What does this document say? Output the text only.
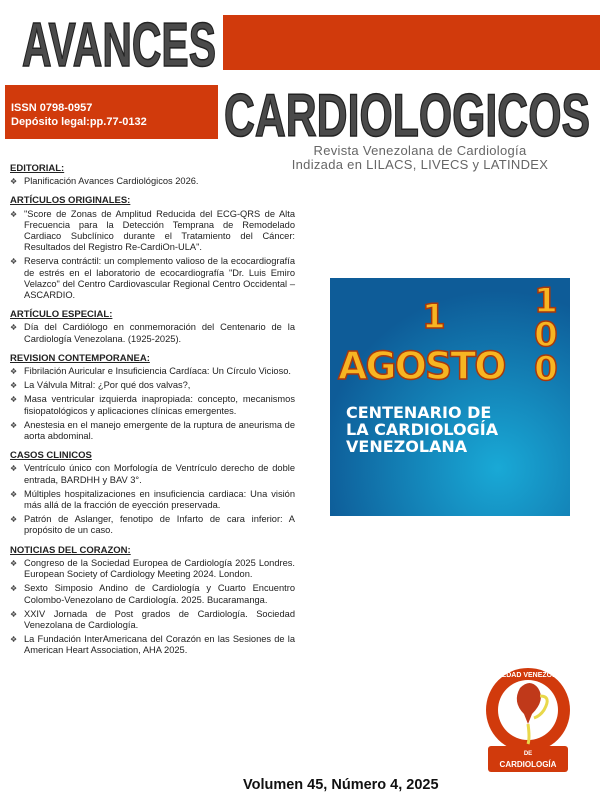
AVANCES
ISSN 0798-0957
Depósito legal:pp.77-0132	CARDIOLOGICOS
Revista Venezolana de Cardiología
Indizada en LILACS, LIVECS y LATINDEX
EDITORIAL:
❖ Planificación Avances Cardiológicos 2026.
ARTÍCULOS ORIGINALES:
❖ "Score de Zonas de Amplitud Reducida del ECG-QRS de Alta Frecuencia para la Detección Temprana de Remodelado Cardiaco Subclínico durante el Tratamiento del Cáncer: Resultados del Registro Re-CardiOn-ULA".
❖ Reserva contráctil: un complemento valioso de la ecocardiografía de estrés en el laboratorio de ecocardiografía "Dr. Luis Emiro Velazco" del Centro Cardiovascular Regional Centro Occidental – ASCARDIO.
ARTÍCULO ESPECIAL:
❖ Día del Cardiólogo en conmemoración del Centenario de la Cardiología Venezolana. (1925-2025).
REVISION CONTEMPORANEA:
❖ Fibrilación Auricular e Insuficiencia Cardíaca: Un Círculo Vicioso.
❖ La Válvula Mitral: ¿Por qué dos valvas?,
❖ Masa ventricular izquierda inapropiada: concepto, mecanismos fisiopatológicos y aplicaciones clínicas emergentes.
❖ Anestesia en el manejo emergente de la ruptura de aneurisma de aorta abdominal.
CASOS CLINICOS
❖ Ventrículo único con Morfología de Ventrículo derecho de doble entrada, BARDHH y BAV 3°.
❖ Múltiples hospitalizaciones en insuficiencia cardiaca: Una visión más allá de la fracción de eyección preservada.
❖ Patrón de Aslanger, fenotipo de Infarto de cara inferior: A propósito de un caso.
NOTICIAS DEL CORAZON:
❖ Congreso de la Sociedad Europea de Cardiología 2025 Londres. European Society of Cardiology Meeting 2024. London.
❖ Sexto Simposio Andino de Cardiología y Cuarto Encuentro Colombo-Venezolano de Cardiología. 2025. Bucaramanga.
❖ XXIV Jornada de Post grados de Cardiología. Sociedad Venezolana de Cardiología.
❖ La Fundación InterAmericana del Corazón en las Sesiones de la American Heart Association, AHA 2025.
1	1
0
0
AGOSTO
CENTENARIO DE
LA CARDIOLOGÍA
VENEZOLANA
DE
CARDIOLOGÍA
SOCIEDAD VENEZOLANA
Volumen 45, Número 4, 2025
